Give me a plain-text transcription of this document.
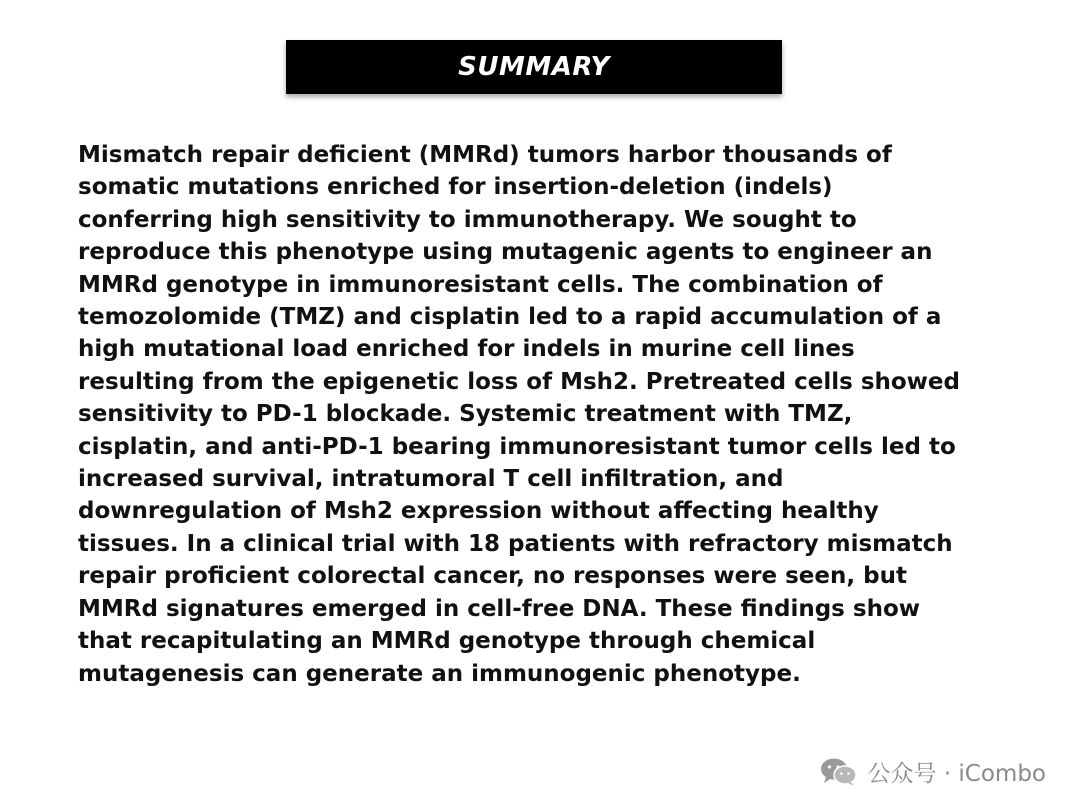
SUMMARY
Mismatch repair deficient (MMRd) tumors harbor thousands of
somatic mutations enriched for insertion-deletion (indels)
conferring high sensitivity to immunotherapy. We sought to
reproduce this phenotype using mutagenic agents to engineer an
MMRd genotype in immunoresistant cells. The combination of
temozolomide (TMZ) and cisplatin led to a rapid accumulation of a
high mutational load enriched for indels in murine cell lines
resulting from the epigenetic loss of Msh2. Pretreated cells showed
sensitivity to PD-1 blockade. Systemic treatment with TMZ,
cisplatin, and anti-PD-1 bearing immunoresistant tumor cells led to
increased survival, intratumoral T cell infiltration, and
downregulation of Msh2 expression without affecting healthy
tissues. In a clinical trial with 18 patients with refractory mismatch
repair proficient colorectal cancer, no responses were seen, but
MMRd signatures emerged in cell-free DNA. These findings show
that recapitulating an MMRd genotype through chemical
mutagenesis can generate an immunogenic phenotype.
公众号 · iCombo
